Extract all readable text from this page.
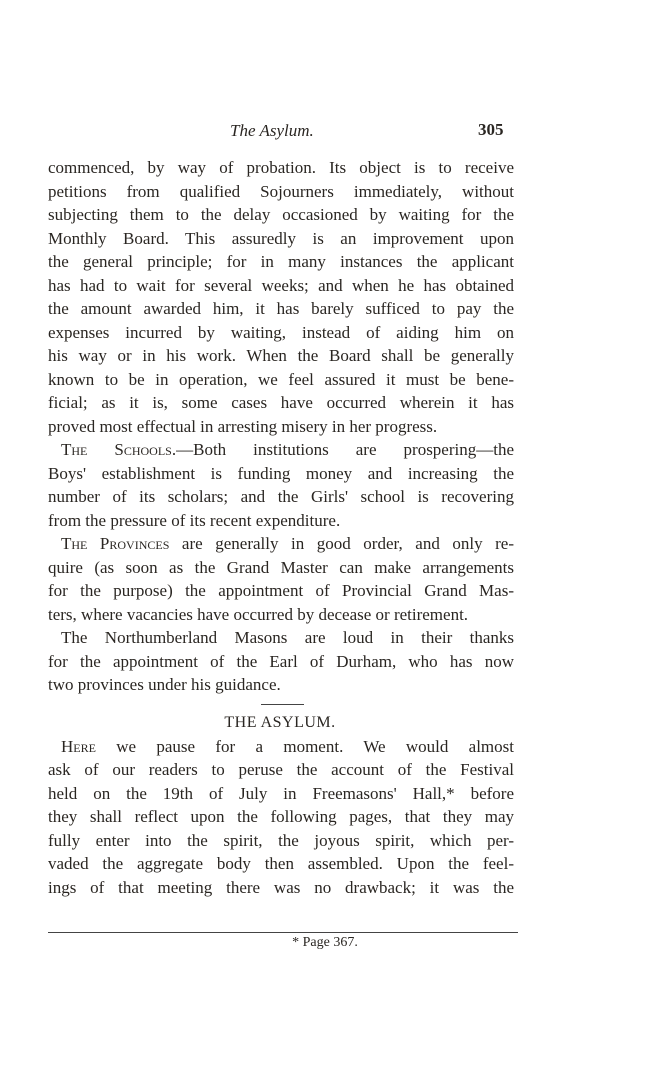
The Asylum.	305
commenced, by way of probation. Its object is to receive
petitions from qualified Sojourners immediately, without
subjecting them to the delay occasioned by waiting for the
Monthly Board. This assuredly is an improvement upon
the general principle; for in many instances the applicant
has had to wait for several weeks; and when he has obtained
the amount awarded him, it has barely sufficed to pay the
expenses incurred by waiting, instead of aiding him on
his way or in his work. When the Board shall be generally
known to be in operation, we feel assured it must be bene-
ficial; as it is, some cases have occurred wherein it has
proved most effectual in arresting misery in her progress.
The Schools.—Both institutions are prospering—the
Boys' establishment is funding money and increasing the
number of its scholars; and the Girls' school is recovering
from the pressure of its recent expenditure.
The Provinces are generally in good order, and only re-
quire (as soon as the Grand Master can make arrangements
for the purpose) the appointment of Provincial Grand Mas-
ters, where vacancies have occurred by decease or retirement.
The Northumberland Masons are loud in their thanks
for the appointment of the Earl of Durham, who has now
two provinces under his guidance.
THE ASYLUM.
Here we pause for a moment. We would almost
ask of our readers to peruse the account of the Festival
held on the 19th of July in Freemasons' Hall,* before
they shall reflect upon the following pages, that they may
fully enter into the spirit, the joyous spirit, which per-
vaded the aggregate body then assembled. Upon the feel-
ings of that meeting there was no drawback; it was the
* Page 367.
